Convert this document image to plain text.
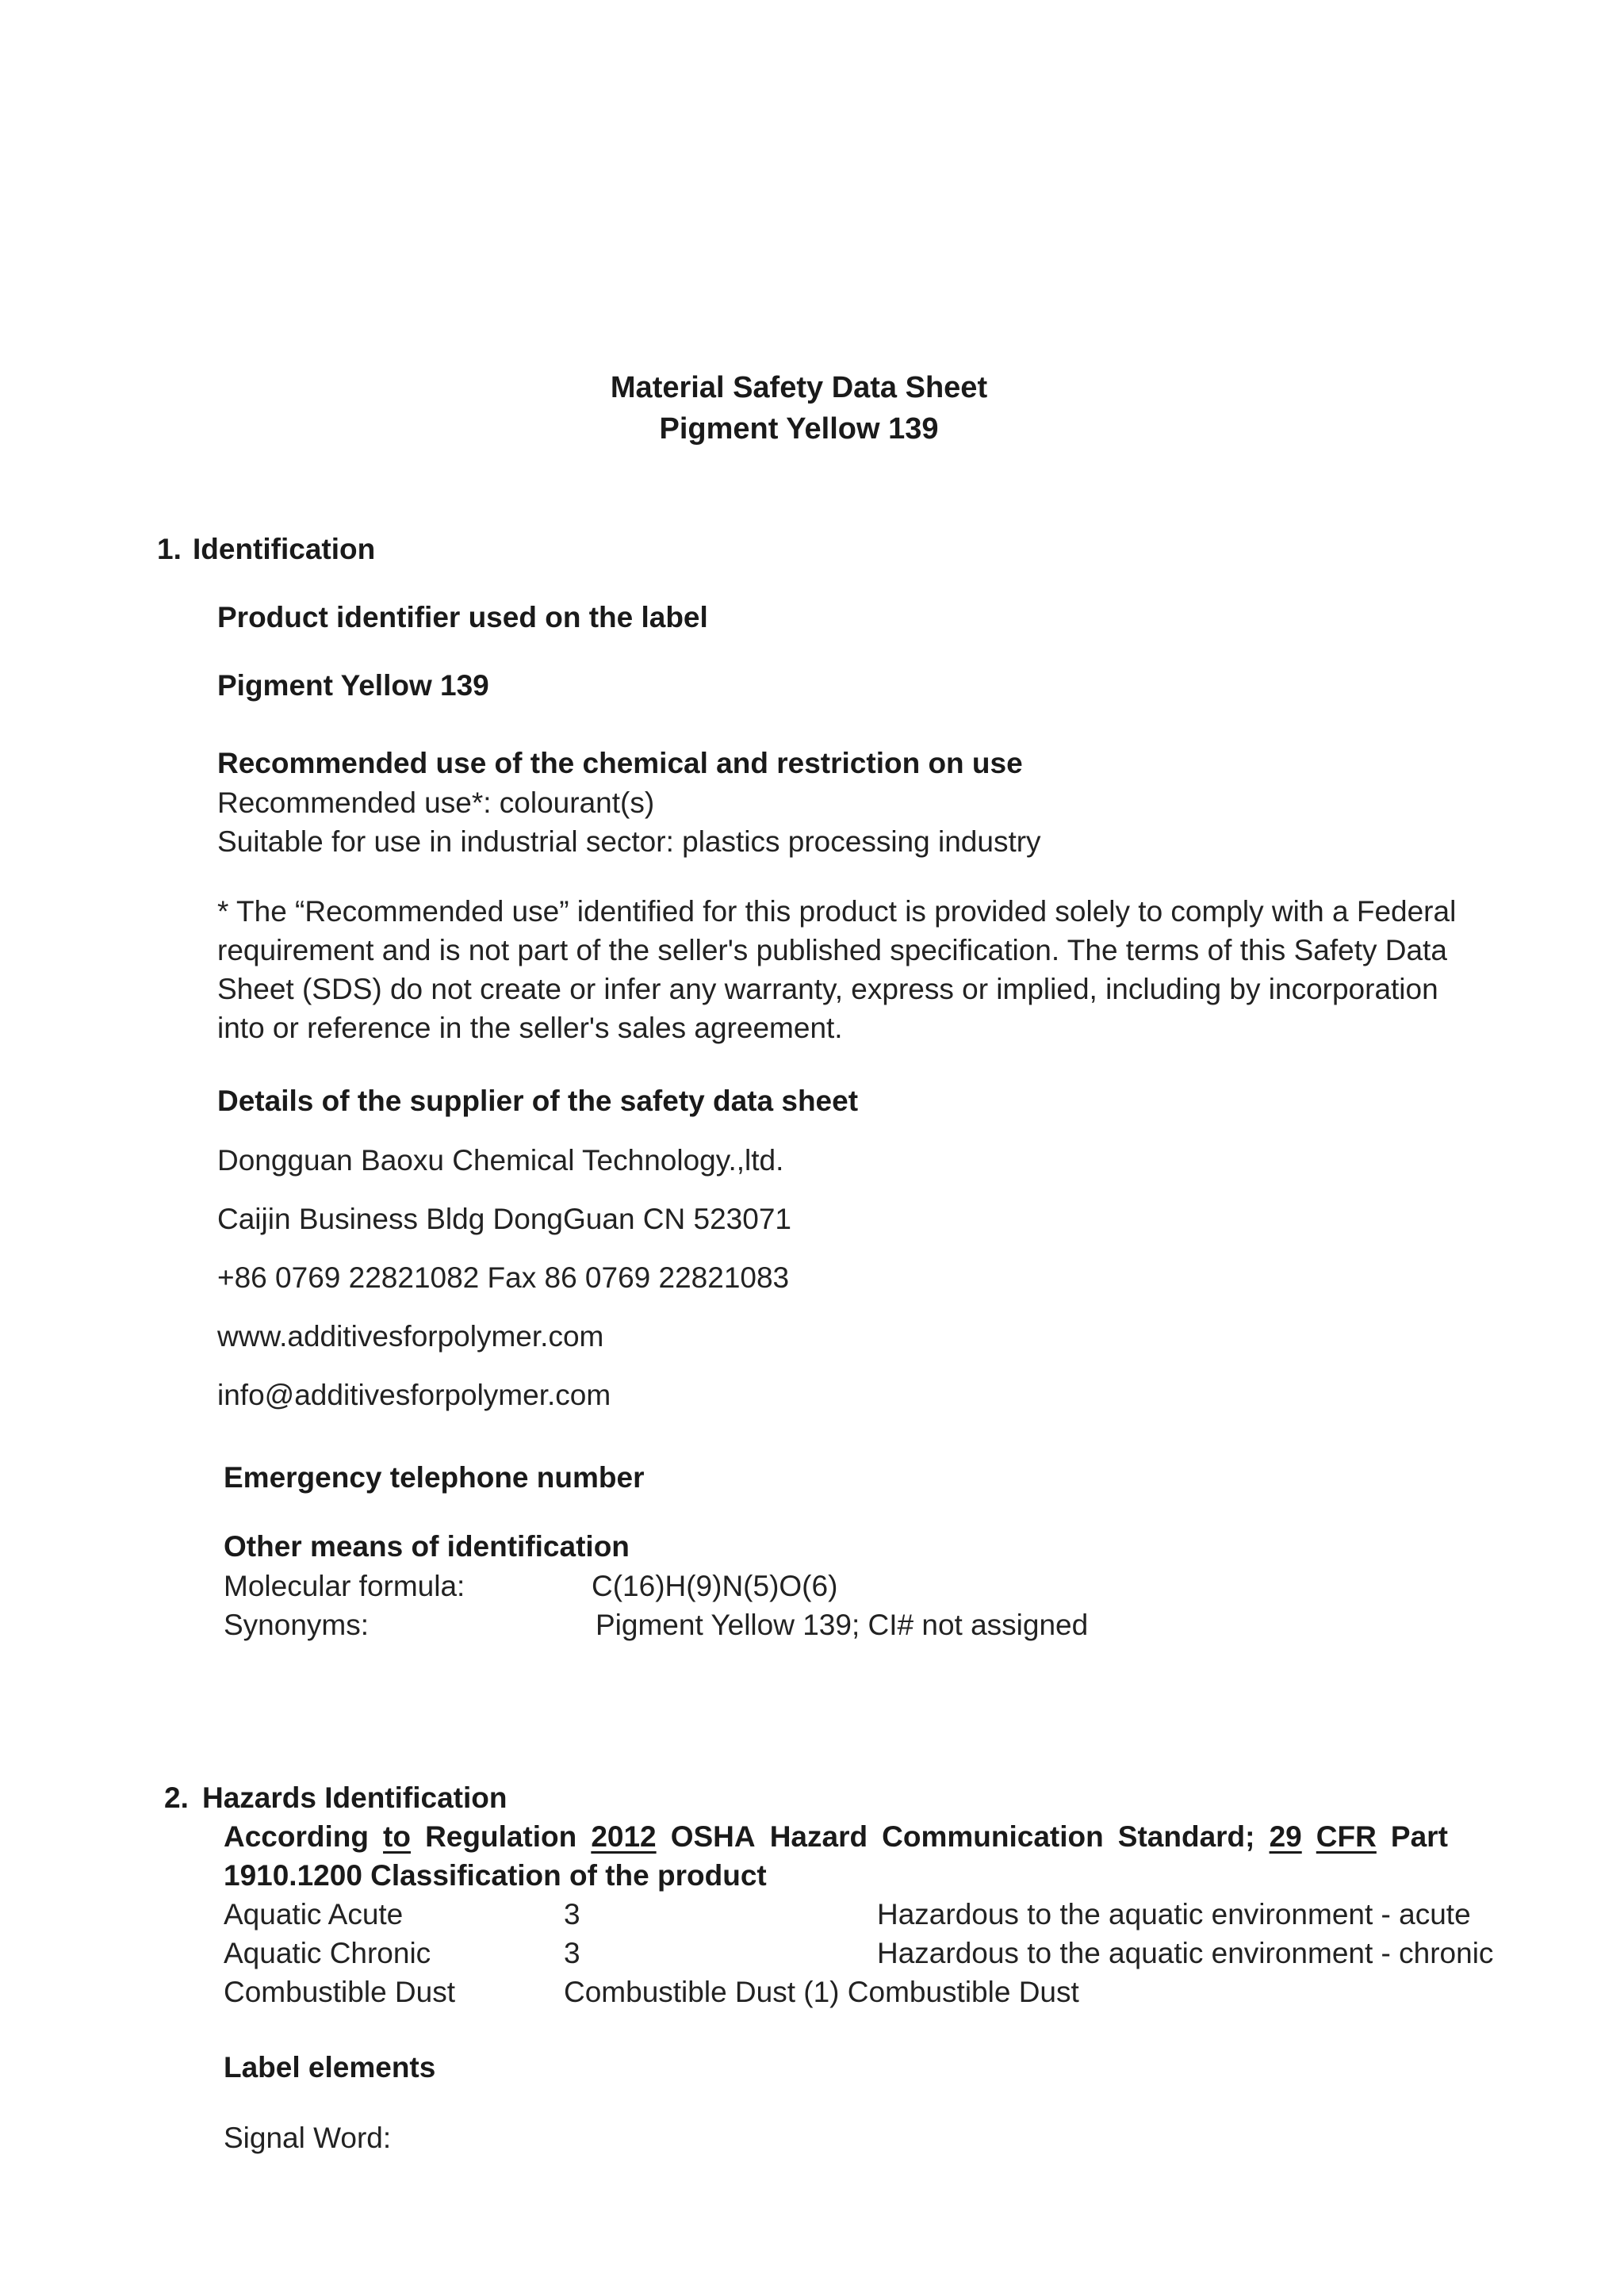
Material Safety Data Sheet
Pigment Yellow 139
1. Identification
Product identifier used on the label
Pigment Yellow 139
Recommended use of the chemical and restriction on use
Recommended use*: colourant(s)
Suitable for use in industrial sector: plastics processing industry
* The “Recommended use” identified for this product is provided solely to comply with a Federal
requirement and is not part of the seller's published specification. The terms of this Safety Data
Sheet (SDS) do not create or infer any warranty, express or implied, including by incorporation
into or reference in the seller's sales agreement.
Details of the supplier of the safety data sheet
Dongguan Baoxu Chemical Technology.,ltd.
Caijin Business Bldg DongGuan CN 523071
+86 0769 22821082 Fax 86 0769 22821083
www.additivesforpolymer.com
info@additivesforpolymer.com
Emergency telephone number
Other means of identification
Molecular formula:	C(16)H(9)N(5)O(6)
Synonyms:	Pigment Yellow 139; CI# not assigned
2. Hazards Identification
According to Regulation 2012 OSHA Hazard Communication Standard; 29 CFR Part
1910.1200 Classification of the product
Aquatic Acute	3	Hazardous to the aquatic environment - acute
Aquatic Chronic	3	Hazardous to the aquatic environment - chronic
Combustible Dust	Combustible Dust (1) Combustible Dust
Label elements
Signal Word:
